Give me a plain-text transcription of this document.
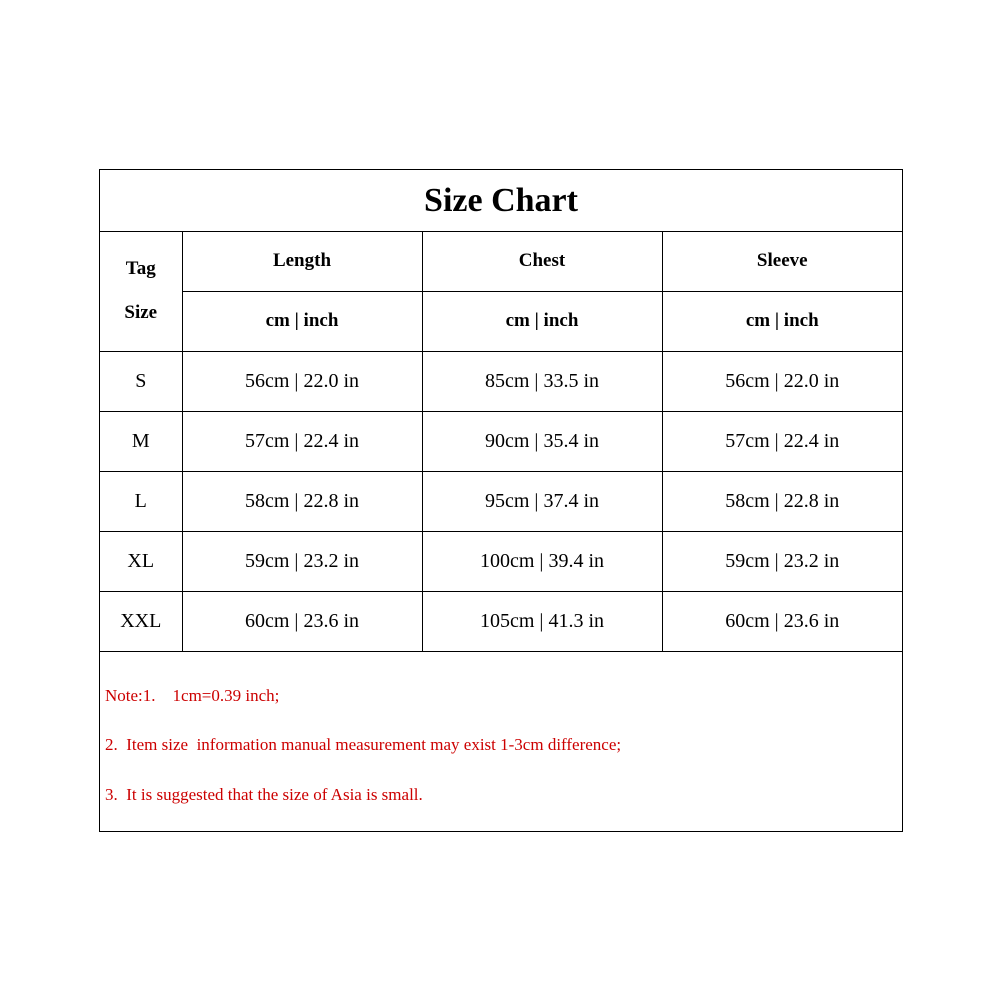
Size Chart
Tag
Size	Length	Chest	Sleeve
	cm | inch	cm | inch	cm | inch
S	56cm | 22.0 in	85cm | 33.5 in	56cm | 22.0 in
M	57cm | 22.4 in	90cm | 35.4 in	57cm | 22.4 in
L	58cm | 22.8 in	95cm | 37.4 in	58cm | 22.8 in
XL	59cm | 23.2 in	100cm | 39.4 in	59cm | 23.2 in
XXL	60cm | 23.6 in	105cm | 41.3 in	60cm | 23.6 in
Note:1.    1cm=0.39 inch;
2.  Item size  information manual measurement may exist 1-3cm difference;
3.  It is suggested that the size of Asia is small.
